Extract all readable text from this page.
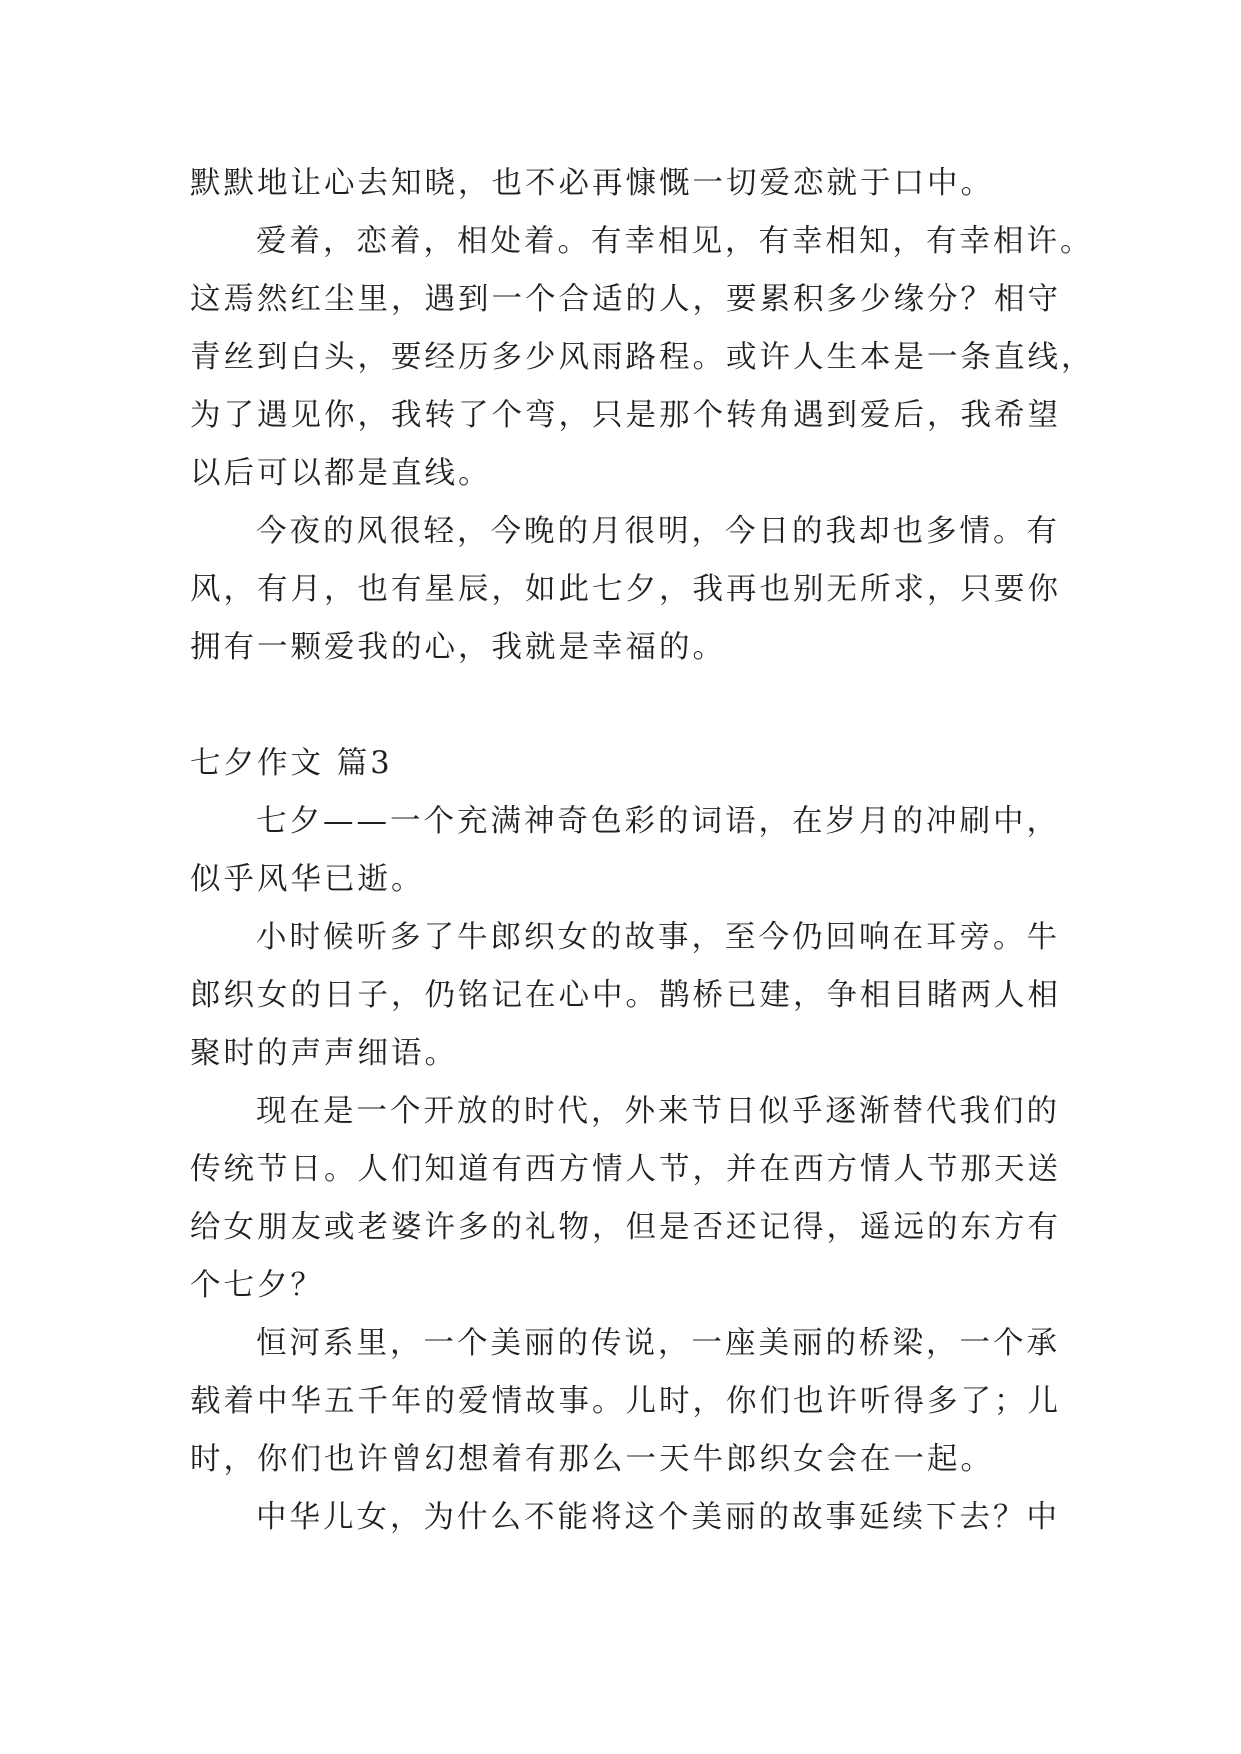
默默地让心去知晓，也不必再慷慨一切爱恋就于口中。
爱着，恋着，相处着。有幸相见，有幸相知，有幸相许。
这焉然红尘里，遇到一个合适的人，要累积多少缘分？相守
青丝到白头，要经历多少风雨路程。或许人生本是一条直线，
为了遇见你，我转了个弯，只是那个转角遇到爱后，我希望
以后可以都是直线。
今夜的风很轻，今晚的月很明，今日的我却也多情。有
风，有月，也有星辰，如此七夕，我再也别无所求，只要你
拥有一颗爱我的心，我就是幸福的。
七夕作文 篇3
七夕——一个充满神奇色彩的词语，在岁月的冲刷中，
似乎风华已逝。
小时候听多了牛郎织女的故事，至今仍回响在耳旁。牛
郎织女的日子，仍铭记在心中。鹊桥已建，争相目睹两人相
聚时的声声细语。
现在是一个开放的时代，外来节日似乎逐渐替代我们的
传统节日。人们知道有西方情人节，并在西方情人节那天送
给女朋友或老婆许多的礼物，但是否还记得，遥远的东方有
个七夕？
恒河系里，一个美丽的传说，一座美丽的桥梁，一个承
载着中华五千年的爱情故事。儿时，你们也许听得多了；儿
时，你们也许曾幻想着有那么一天牛郎织女会在一起。
中华儿女，为什么不能将这个美丽的故事延续下去？中
